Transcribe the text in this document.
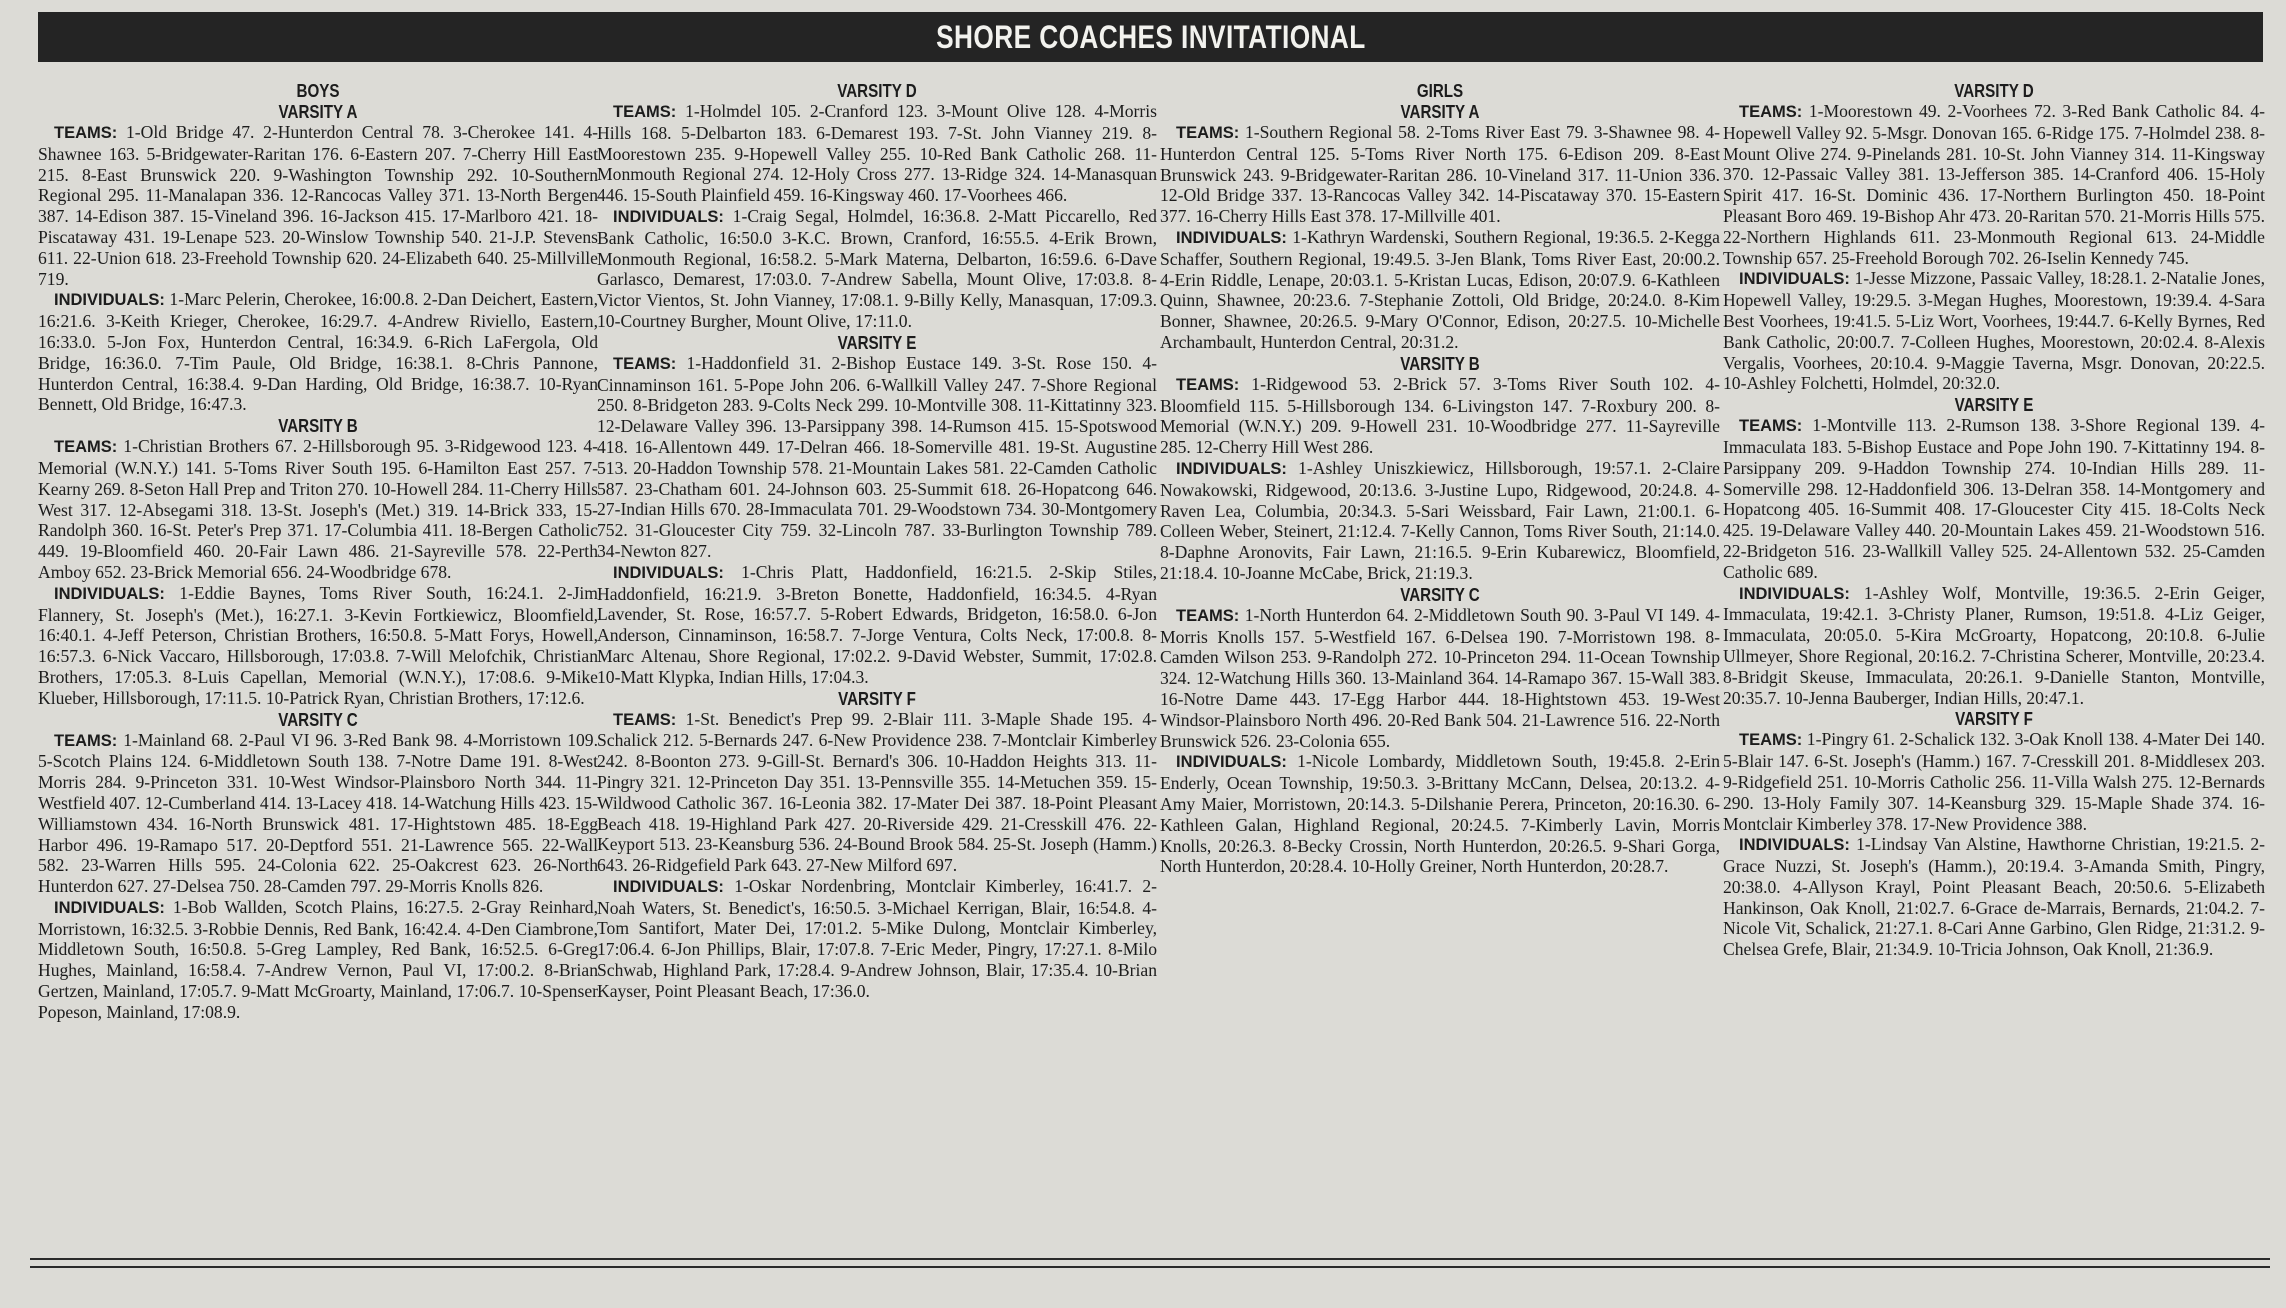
SHORE COACHES INVITATIONAL
BOYS
VARSITY A

TEAMS: 1-Old Bridge 47. 2-Hunterdon Central 78. 3-Cherokee 141. 4-Shawnee 163. 5-Bridgewater-Raritan 176. 6-Eastern 207. 7-Cherry Hill East 215. 8-East Brunswick 220. 9-Washington Township 292. 10-Southern Regional 295. 11-Manalapan 336. 12-Rancocas Valley 371. 13-North Bergen 387. 14-Edison 387. 15-Vineland 396. 16-Jackson 415. 17-Marlboro 421. 18-Piscataway 431. 19-Lenape 523. 20-Winslow Township 540. 21-J.P. Stevens 611. 22-Union 618. 23-Freehold Township 620. 24-Elizabeth 640. 25-Millville 719.

INDIVIDUALS: 1-Marc Pelerin, Cherokee, 16:00.8. 2-Dan Deichert, Eastern, 16:21.6. 3-Keith Krieger, Cherokee, 16:29.7. 4-Andrew Riviello, Eastern, 16:33.0. 5-Jon Fox, Hunterdon Central, 16:34.9. 6-Rich LaFergola, Old Bridge, 16:36.0. 7-Tim Paule, Old Bridge, 16:38.1. 8-Chris Pannone, Hunterdon Central, 16:38.4. 9-Dan Harding, Old Bridge, 16:38.7. 10-Ryan Bennett, Old Bridge, 16:47.3.

VARSITY B

TEAMS: 1-Christian Brothers 67. 2-Hillsborough 95. 3-Ridgewood 123. 4-Memorial (W.N.Y.) 141. 5-Toms River South 195. 6-Hamilton East 257. 7-Kearny 269. 8-Seton Hall Prep and Triton 270. 10-Howell 284. 11-Cherry Hills West 317. 12-Absegami 318. 13-St. Joseph's (Met.) 319. 14-Brick 333, 15-Randolph 360. 16-St. Peter's Prep 371. 17-Columbia 411. 18-Bergen Catholic 449. 19-Bloomfield 460. 20-Fair Lawn 486. 21-Sayreville 578. 22-Perth Amboy 652. 23-Brick Memorial 656. 24-Woodbridge 678.

INDIVIDUALS: 1-Eddie Baynes, Toms River South, 16:24.1. 2-Jim Flannery, St. Joseph's (Met.), 16:27.1. 3-Kevin Fortkiewicz, Bloomfield, 16:40.1. 4-Jeff Peterson, Christian Brothers, 16:50.8. 5-Matt Forys, Howell, 16:57.3. 6-Nick Vaccaro, Hillsborough, 17:03.8. 7-Will Melofchik, Christian Brothers, 17:05.3. 8-Luis Capellan, Memorial (W.N.Y.), 17:08.6. 9-Mike Klueber, Hillsborough, 17:11.5. 10-Patrick Ryan, Christian Brothers, 17:12.6.

VARSITY C

TEAMS: 1-Mainland 68. 2-Paul VI 96. 3-Red Bank 98. 4-Morristown 109. 5-Scotch Plains 124. 6-Middletown South 138. 7-Notre Dame 191. 8-West Morris 284. 9-Princeton 331. 10-West Windsor-Plainsboro North 344. 11-Westfield 407. 12-Cumberland 414. 13-Lacey 418. 14-Watchung Hills 423. 15-Williamstown 434. 16-North Brunswick 481. 17-Hightstown 485. 18-Egg Harbor 496. 19-Ramapo 517. 20-Deptford 551. 21-Lawrence 565. 22-Wall 582. 23-Warren Hills 595. 24-Colonia 622. 25-Oakcrest 623. 26-North Hunterdon 627. 27-Delsea 750. 28-Camden 797. 29-Morris Knolls 826.

INDIVIDUALS: 1-Bob Wallden, Scotch Plains, 16:27.5. 2-Gray Reinhard, Morristown, 16:32.5. 3-Robbie Dennis, Red Bank, 16:42.4. 4-Den Ciambrone, Middletown South, 16:50.8. 5-Greg Lampley, Red Bank, 16:52.5. 6-Greg Hughes, Mainland, 16:58.4. 7-Andrew Vernon, Paul VI, 17:00.2. 8-Brian Gertzen, Mainland, 17:05.7. 9-Matt McGroarty, Mainland, 17:06.7. 10-Spenser Popeson, Mainland, 17:08.9.

VARSITY D

TEAMS: 1-Holmdel 105. 2-Cranford 123. 3-Mount Olive 128. 4-Morris Hills 168. 5-Delbarton 183. 6-Demarest 193. 7-St. John Vianney 219. 8-Moorestown 235. 9-Hopewell Valley 255. 10-Red Bank Catholic 268. 11-Monmouth Regional 274. 12-Holy Cross 277. 13-Ridge 324. 14-Manasquan 446. 15-South Plainfield 459. 16-Kingsway 460. 17-Voorhees 466.

INDIVIDUALS: 1-Craig Segal, Holmdel, 16:36.8. 2-Matt Piccarello, Red Bank Catholic, 16:50.0 3-K.C. Brown, Cranford, 16:55.5. 4-Erik Brown, Monmouth Regional, 16:58.2. 5-Mark Materna, Delbarton, 16:59.6. 6-Dave Garlasco, Demarest, 17:03.0. 7-Andrew Sabella, Mount Olive, 17:03.8. 8-Victor Vientos, St. John Vianney, 17:08.1. 9-Billy Kelly, Manasquan, 17:09.3. 10-Courtney Burgher, Mount Olive, 17:11.0.

VARSITY E

TEAMS: 1-Haddonfield 31. 2-Bishop Eustace 149. 3-St. Rose 150. 4-Cinnaminson 161. 5-Pope John 206. 6-Wallkill Valley 247. 7-Shore Regional 250. 8-Bridgeton 283. 9-Colts Neck 299. 10-Montville 308. 11-Kittatinny 323. 12-Delaware Valley 396. 13-Parsippany 398. 14-Rumson 415. 15-Spotswood 418. 16-Allentown 449. 17-Delran 466. 18-Somerville 481. 19-St. Augustine 513. 20-Haddon Township 578. 21-Mountain Lakes 581. 22-Camden Catholic 587. 23-Chatham 601. 24-Johnson 603. 25-Summit 618. 26-Hopatcong 646. 27-Indian Hills 670. 28-Immaculata 701. 29-Woodstown 734. 30-Montgomery 752. 31-Gloucester City 759. 32-Lincoln 787. 33-Burlington Township 789. 34-Newton 827.

INDIVIDUALS: 1-Chris Platt, Haddonfield, 16:21.5. 2-Skip Stiles, Haddonfield, 16:21.9. 3-Breton Bonette, Haddonfield, 16:34.5. 4-Ryan Lavender, St. Rose, 16:57.7. 5-Robert Edwards, Bridgeton, 16:58.0. 6-Jon Anderson, Cinnaminson, 16:58.7. 7-Jorge Ventura, Colts Neck, 17:00.8. 8-Marc Altenau, Shore Regional, 17:02.2. 9-David Webster, Summit, 17:02.8. 10-Matt Klypka, Indian Hills, 17:04.3.

VARSITY F

TEAMS: 1-St. Benedict's Prep 99. 2-Blair 111. 3-Maple Shade 195. 4-Schalick 212. 5-Bernards 247. 6-New Providence 238. 7-Montclair Kimberley 242. 8-Boonton 273. 9-Gill-St. Bernard's 306. 10-Haddon Heights 313. 11-Pingry 321. 12-Princeton Day 351. 13-Pennsville 355. 14-Metuchen 359. 15-Wildwood Catholic 367. 16-Leonia 382. 17-Mater Dei 387. 18-Point Pleasant Beach 418. 19-Highland Park 427. 20-Riverside 429. 21-Cresskill 476. 22-Keyport 513. 23-Keansburg 536. 24-Bound Brook 584. 25-St. Joseph (Hamm.) 643. 26-Ridgefield Park 643. 27-New Milford 697.

INDIVIDUALS: 1-Oskar Nordenbring, Montclair Kimberley, 16:41.7. 2-Noah Waters, St. Benedict's, 16:50.5. 3-Michael Kerrigan, Blair, 16:54.8. 4-Tom Santifort, Mater Dei, 17:01.2. 5-Mike Dulong, Montclair Kimberley, 17:06.4. 6-Jon Phillips, Blair, 17:07.8. 7-Eric Meder, Pingry, 17:27.1. 8-Milo Schwab, Highland Park, 17:28.4. 9-Andrew Johnson, Blair, 17:35.4. 10-Brian Kayser, Point Pleasant Beach, 17:36.0.

GIRLS
VARSITY A

TEAMS: 1-Southern Regional 58. 2-Toms River East 79. 3-Shawnee 98. 4-Hunterdon Central 125. 5-Toms River North 175. 6-Edison 209. 8-East Brunswick 243. 9-Bridgewater-Raritan 286. 10-Vineland 317. 11-Union 336. 12-Old Bridge 337. 13-Rancocas Valley 342. 14-Piscataway 370. 15-Eastern 377. 16-Cherry Hills East 378. 17-Millville 401.

INDIVIDUALS: 1-Kathryn Wardenski, Southern Regional, 19:36.5. 2-Kegga Schaffer, Southern Regional, 19:49.5. 3-Jen Blank, Toms River East, 20:00.2. 4-Erin Riddle, Lenape, 20:03.1. 5-Kristan Lucas, Edison, 20:07.9. 6-Kathleen Quinn, Shawnee, 20:23.6. 7-Stephanie Zottoli, Old Bridge, 20:24.0. 8-Kim Bonner, Shawnee, 20:26.5. 9-Mary O'Connor, Edison, 20:27.5. 10-Michelle Archambault, Hunterdon Central, 20:31.2.

VARSITY B

TEAMS: 1-Ridgewood 53. 2-Brick 57. 3-Toms River South 102. 4-Bloomfield 115. 5-Hillsborough 134. 6-Livingston 147. 7-Roxbury 200. 8-Memorial (W.N.Y.) 209. 9-Howell 231. 10-Woodbridge 277. 11-Sayreville 285. 12-Cherry Hill West 286.

INDIVIDUALS: 1-Ashley Uniszkiewicz, Hillsborough, 19:57.1. 2-Claire Nowakowski, Ridgewood, 20:13.6. 3-Justine Lupo, Ridgewood, 20:24.8. 4-Raven Lea, Columbia, 20:34.3. 5-Sari Weissbard, Fair Lawn, 21:00.1. 6-Colleen Weber, Steinert, 21:12.4. 7-Kelly Cannon, Toms River South, 21:14.0. 8-Daphne Aronovits, Fair Lawn, 21:16.5. 9-Erin Kubarewicz, Bloomfield, 21:18.4. 10-Joanne McCabe, Brick, 21:19.3.

VARSITY C

TEAMS: 1-North Hunterdon 64. 2-Middletown South 90. 3-Paul VI 149. 4-Morris Knolls 157. 5-Westfield 167. 6-Delsea 190. 7-Morristown 198. 8-Camden Wilson 253. 9-Randolph 272. 10-Princeton 294. 11-Ocean Township 324. 12-Watchung Hills 360. 13-Mainland 364. 14-Ramapo 367. 15-Wall 383. 16-Notre Dame 443. 17-Egg Harbor 444. 18-Hightstown 453. 19-West Windsor-Plainsboro North 496. 20-Red Bank 504. 21-Lawrence 516. 22-North Brunswick 526. 23-Colonia 655.

INDIVIDUALS: 1-Nicole Lombardy, Middletown South, 19:45.8. 2-Erin Enderly, Ocean Township, 19:50.3. 3-Brittany McCann, Delsea, 20:13.2. 4-Amy Maier, Morristown, 20:14.3. 5-Dilshanie Perera, Princeton, 20:16.30. 6-Kathleen Galan, Highland Regional, 20:24.5. 7-Kimberly Lavin, Morris Knolls, 20:26.3. 8-Becky Crossin, North Hunterdon, 20:26.5. 9-Shari Gorga, North Hunterdon, 20:28.4. 10-Holly Greiner, North Hunterdon, 20:28.7.

VARSITY D

TEAMS: 1-Moorestown 49. 2-Voorhees 72. 3-Red Bank Catholic 84. 4-Hopewell Valley 92. 5-Msgr. Donovan 165. 6-Ridge 175. 7-Holmdel 238. 8-Mount Olive 274. 9-Pinelands 281. 10-St. John Vianney 314. 11-Kingsway 370. 12-Passaic Valley 381. 13-Jefferson 385. 14-Cranford 406. 15-Holy Spirit 417. 16-St. Dominic 436. 17-Northern Burlington 450. 18-Point Pleasant Boro 469. 19-Bishop Ahr 473. 20-Raritan 570. 21-Morris Hills 575. 22-Northern Highlands 611. 23-Monmouth Regional 613. 24-Middle Township 657. 25-Freehold Borough 702. 26-Iselin Kennedy 745.

INDIVIDUALS: 1-Jesse Mizzone, Passaic Valley, 18:28.1. 2-Natalie Jones, Hopewell Valley, 19:29.5. 3-Megan Hughes, Moorestown, 19:39.4. 4-Sara Best Voorhees, 19:41.5. 5-Liz Wort, Voorhees, 19:44.7. 6-Kelly Byrnes, Red Bank Catholic, 20:00.7. 7-Colleen Hughes, Moorestown, 20:02.4. 8-Alexis Vergalis, Voorhees, 20:10.4. 9-Maggie Taverna, Msgr. Donovan, 20:22.5. 10-Ashley Folchetti, Holmdel, 20:32.0.

VARSITY E

TEAMS: 1-Montville 113. 2-Rumson 138. 3-Shore Regional 139. 4-Immaculata 183. 5-Bishop Eustace and Pope John 190. 7-Kittatinny 194. 8-Parsippany 209. 9-Haddon Township 274. 10-Indian Hills 289. 11-Somerville 298. 12-Haddonfield 306. 13-Delran 358. 14-Montgomery and Hopatcong 405. 16-Summit 408. 17-Gloucester City 415. 18-Colts Neck 425. 19-Delaware Valley 440. 20-Mountain Lakes 459. 21-Woodstown 516. 22-Bridgeton 516. 23-Wallkill Valley 525. 24-Allentown 532. 25-Camden Catholic 689.

INDIVIDUALS: 1-Ashley Wolf, Montville, 19:36.5. 2-Erin Geiger, Immaculata, 19:42.1. 3-Christy Planer, Rumson, 19:51.8. 4-Liz Geiger, Immaculata, 20:05.0. 5-Kira McGroarty, Hopatcong, 20:10.8. 6-Julie Ullmeyer, Shore Regional, 20:16.2. 7-Christina Scherer, Montville, 20:23.4. 8-Bridgit Skeuse, Immaculata, 20:26.1. 9-Danielle Stanton, Montville, 20:35.7. 10-Jenna Bauberger, Indian Hills, 20:47.1.

VARSITY F

TEAMS: 1-Pingry 61. 2-Schalick 132. 3-Oak Knoll 138. 4-Mater Dei 140. 5-Blair 147. 6-St. Joseph's (Hamm.) 167. 7-Cresskill 201. 8-Middlesex 203. 9-Ridgefield 251. 10-Morris Catholic 256. 11-Villa Walsh 275. 12-Bernards 290. 13-Holy Family 307. 14-Keansburg 329. 15-Maple Shade 374. 16-Montclair Kimberley 378. 17-New Providence 388.

INDIVIDUALS: 1-Lindsay Van Alstine, Hawthorne Christian, 19:21.5. 2-Grace Nuzzi, St. Joseph's (Hamm.), 20:19.4. 3-Amanda Smith, Pingry, 20:38.0. 4-Allyson Krayl, Point Pleasant Beach, 20:50.6. 5-Elizabeth Hankinson, Oak Knoll, 21:02.7. 6-Grace de-Marrais, Bernards, 21:04.2. 7-Nicole Vit, Schalick, 21:27.1. 8-Cari Anne Garbino, Glen Ridge, 21:31.2. 9-Chelsea Grefe, Blair, 21:34.9. 10-Tricia Johnson, Oak Knoll, 21:36.9.
